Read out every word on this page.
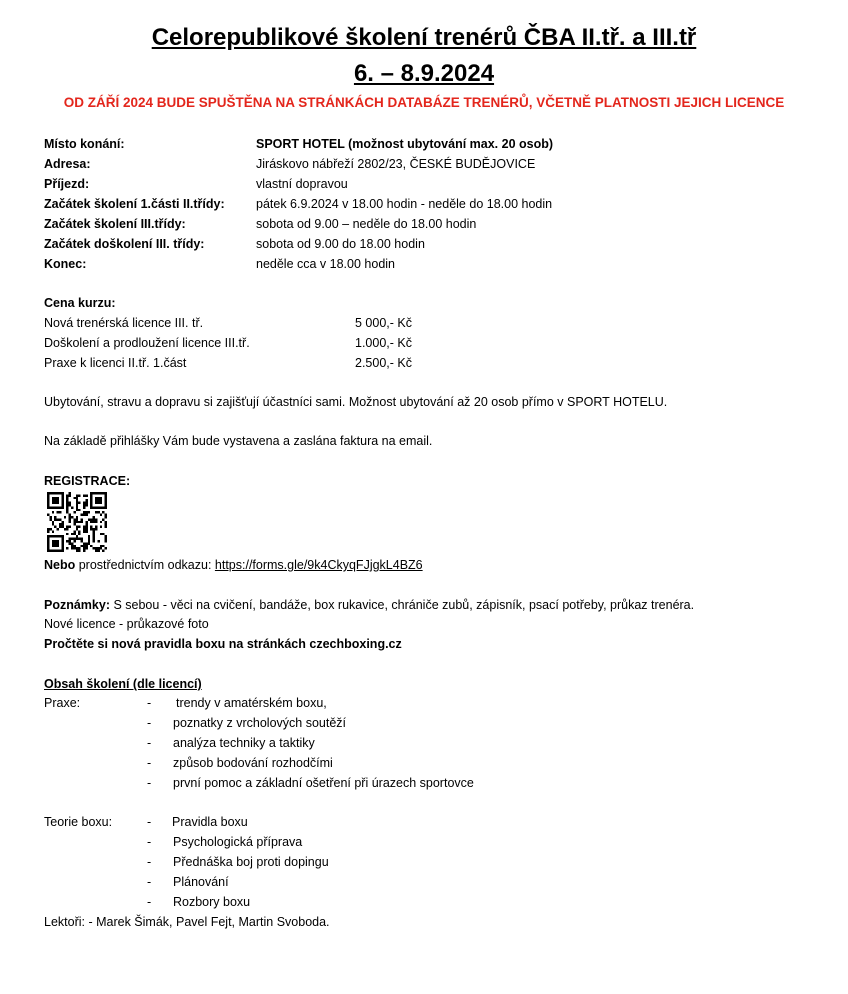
Celorepublikové školení trenérů ČBA II.tř. a III.tř
6. – 8.9.2024
OD ZÁŘÍ 2024 BUDE SPUŠTĚNA NA STRÁNKÁCH DATABÁZE TRENÉRŮ, VČETNĚ PLATNOSTI JEJICH LICENCE
Místo konání:	SPORT HOTEL (možnost ubytování max. 20 osob)
Adresa:	Jiráskovo nábřeží 2802/23, ČESKÉ BUDĚJOVICE
Příjezd:	vlastní dopravou
Začátek školení 1.části II.třídy:	pátek 6.9.2024 v 18.00 hodin - neděle do 18.00 hodin
Začátek školení III.třídy:	sobota od 9.00 – neděle do 18.00 hodin
Začátek doškolení III. třídy:	sobota od 9.00 do 18.00 hodin
Konec:	neděle cca v 18.00 hodin
Cena kurzu:
Nová trenérská licence III. tř.	5 000,- Kč
Doškolení a prodloužení licence III.tř.	1.000,- Kč
Praxe k licenci II.tř. 1.část	2.500,- Kč
Ubytování, stravu a dopravu si zajišťují účastníci sami. Možnost ubytování až 20 osob přímo v SPORT HOTELU.
Na základě přihlášky Vám bude vystavena a zaslána faktura na email.
REGISTRACE:
Nebo prostřednictvím odkazu: https://forms.gle/9k4CkyqFJjgkL4BZ6
Poznámky: S sebou - věci na cvičení, bandáže, box rukavice, chrániče zubů, zápisník, psací potřeby, průkaz trenéra.
Nové licence - průkazové foto
Pročtěte si nová pravidla boxu na stránkách czechboxing.cz
Obsah školení (dle licencí)
Praxe:	- trendy v amatérském boxu,
- poznatky z vrcholových soutěží
- analýza techniky a taktiky
- způsob bodování rozhodčími
- první pomoc a základní ošetření při úrazech sportovce
Teorie boxu:	- Pravidla boxu
- Psychologická příprava
- Přednáška boj proti dopingu
- Plánování
- Rozbory boxu
Lektoři: - Marek Šimák, Pavel Fejt, Martin Svoboda.
